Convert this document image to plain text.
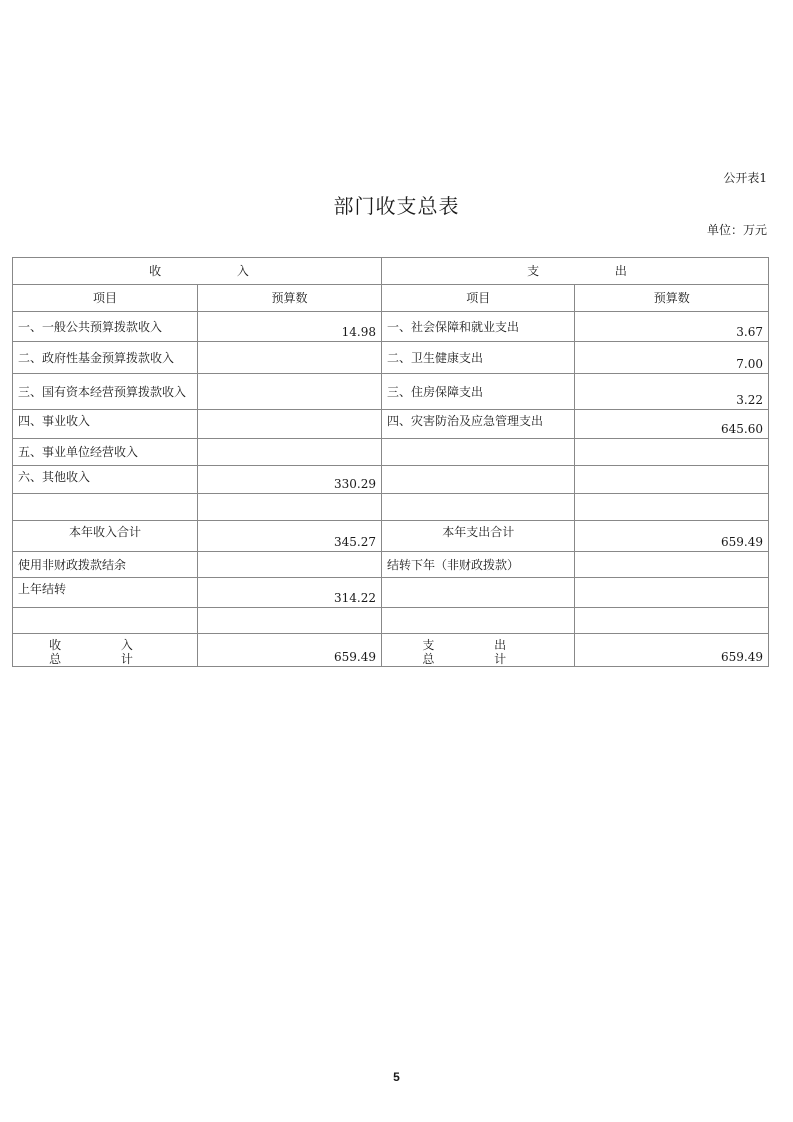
公开表1
部门收支总表
单位：万元
收 入		支 出	
项目	预算数	项目	预算数
一、一般公共预算拨款收入	14.98	一、社会保障和就业支出	3.67
二、政府性基金预算拨款收入		二、卫生健康支出	7.00
三、国有资本经营预算拨款收入		三、住房保障支出	3.22
四、事业收入		四、灾害防治及应急管理支出	645.60
五、事业单位经营收入			
六、其他收入	330.29		

本年收入合计	345.27	本年支出合计	659.49
使用非财政拨款结余		结转下年（非财政拨款）	
上年结转	314.22		

收 入 总 计	659.49	支 出 总 计	659.49
5
